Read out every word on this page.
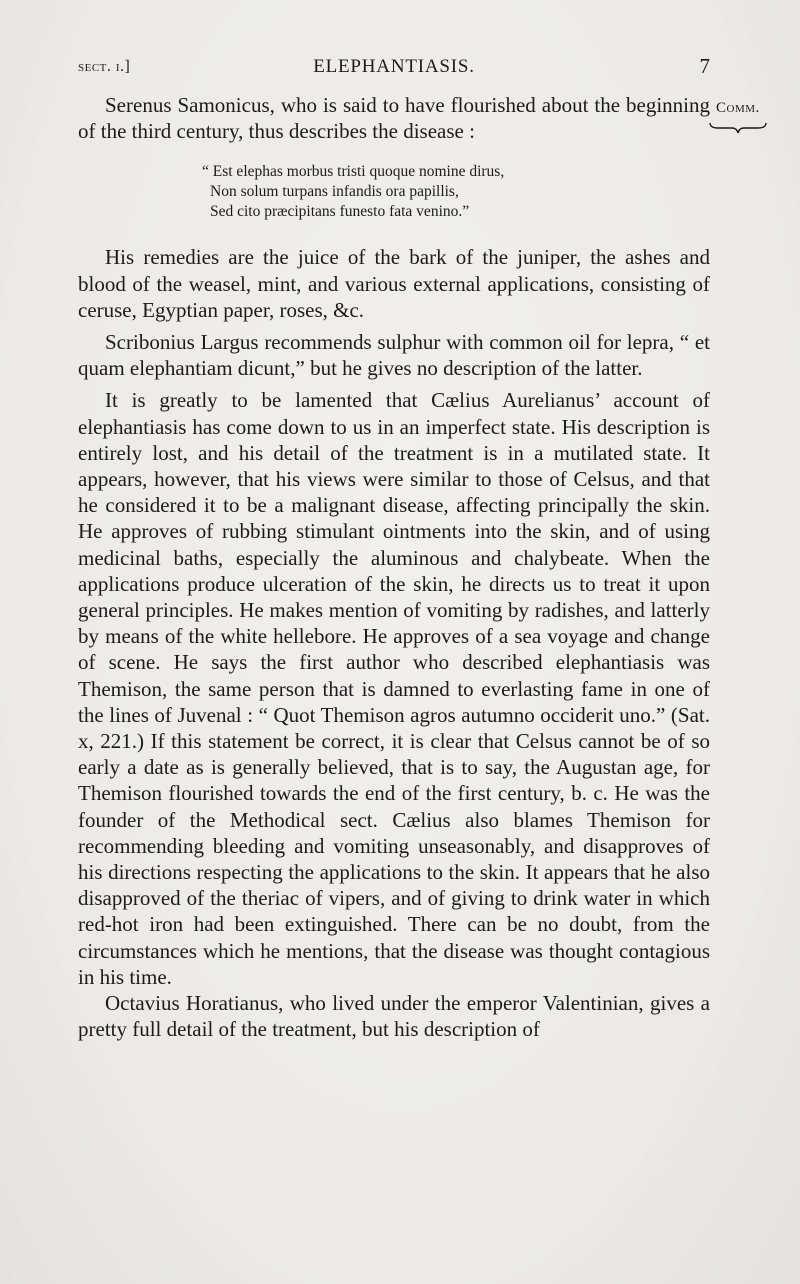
sect. i.]	ELEPHANTIASIS.	7
Comm.

Serenus Samonicus, who is said to have flourished about the beginning of the third century, thus describes the disease :

“ Est elephas morbus tristi quoque nomine dirus,
Non solum turpans infandis ora papillis,
Sed cito præcipitans funesto fata venino.”

His remedies are the juice of the bark of the juniper, the ashes and blood of the weasel, mint, and various external applications, consisting of ceruse, Egyptian paper, roses, &c.

Scribonius Largus recommends sulphur with common oil for lepra, “ et quam elephantiam dicunt,” but he gives no description of the latter.

It is greatly to be lamented that Cælius Aurelianus’ account of elephantiasis has come down to us in an imperfect state. His description is entirely lost, and his detail of the treatment is in a mutilated state. It appears, however, that his views were similar to those of Celsus, and that he considered it to be a malignant disease, affecting principally the skin. He approves of rubbing stimulant ointments into the skin, and of using medicinal baths, especially the aluminous and chalybeate. When the applications produce ulceration of the skin, he directs us to treat it upon general principles. He makes mention of vomiting by radishes, and latterly by means of the white hellebore. He approves of a sea voyage and change of scene. He says the first author who described elephantiasis was Themison, the same person that is damned to everlasting fame in one of the lines of Juvenal : “ Quot Themison agros autumno occiderit uno.” (Sat. x, 221.) If this statement be correct, it is clear that Celsus cannot be of so early a date as is generally believed, that is to say, the Augustan age, for Themison flourished towards the end of the first century, b. c. He was the founder of the Methodical sect. Cælius also blames Themison for recommending bleeding and vomiting unseasonably, and disapproves of his directions respecting the applications to the skin. It appears that he also disapproved of the theriac of vipers, and of giving to drink water in which red-hot iron had been extinguished. There can be no doubt, from the circumstances which he mentions, that the disease was thought contagious in his time.

Octavius Horatianus, who lived under the emperor Valentinian, gives a pretty full detail of the treatment, but his description of
